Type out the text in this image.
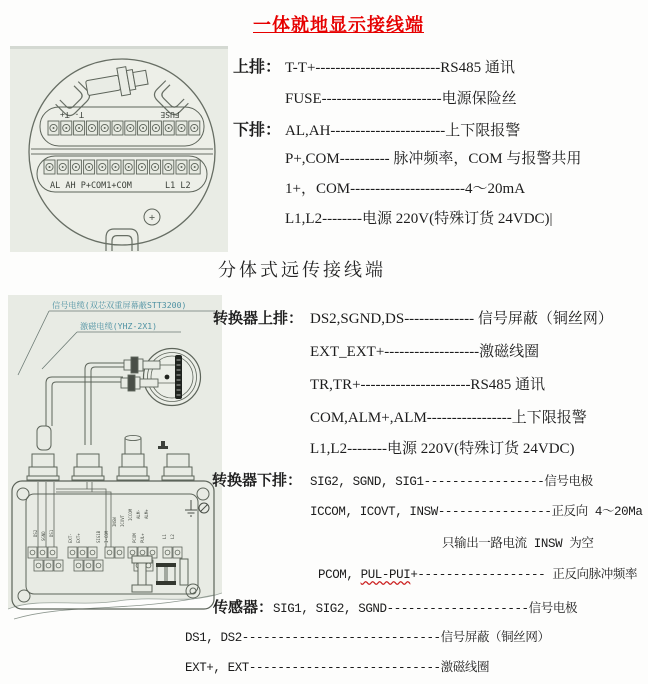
一体就地显示接线端
T- T+	FUSE
AL AH P+COM1+COM	L1 L2
+
上排： T-T+-------------------------RS485 通讯
FUSE------------------------电源保险丝
下排： AL,AH-----------------------上下限报警
P+,COM---------- 脉冲频率，COM 与报警共用
1+，COM-----------------------4～20mA
L1,L2--------电源 220V(特殊订货 24VDC)|
分体式远传接线端
信号电缆(双芯双重屏幕蔽STT3200)
激磁电缆(YHZ-2X1)
DS2 SGND DS1	EXT- EXT+	SIG1B I-COM
INSW ICOVT ICCOM ALM- ALM+
PCOM PUL+	L1 L2
转换器上排： DS2,SGND,DS-------------- 信号屏蔽（铜丝网）
EXT_EXT+-------------------激磁线圈
TR,TR+----------------------RS485 通讯
COM,ALM+,ALM-----------------上下限报警
L1,L2--------电源 220V(特殊订货 24VDC)
转换器下排： SIG2, SGND, SIG1-----------------信号电极
ICCOM, ICOVT, INSW----------------正反向 4～20Ma
只输出一路电流 INSW 为空
PCOM, PUL-PUI+------------------ 正反向脉冲频率
传感器：SIG1, SIG2, SGND--------------------信号电极
DS1, DS2----------------------------信号屏蔽（铜丝网）
EXT+, EXT---------------------------激磁线圈
